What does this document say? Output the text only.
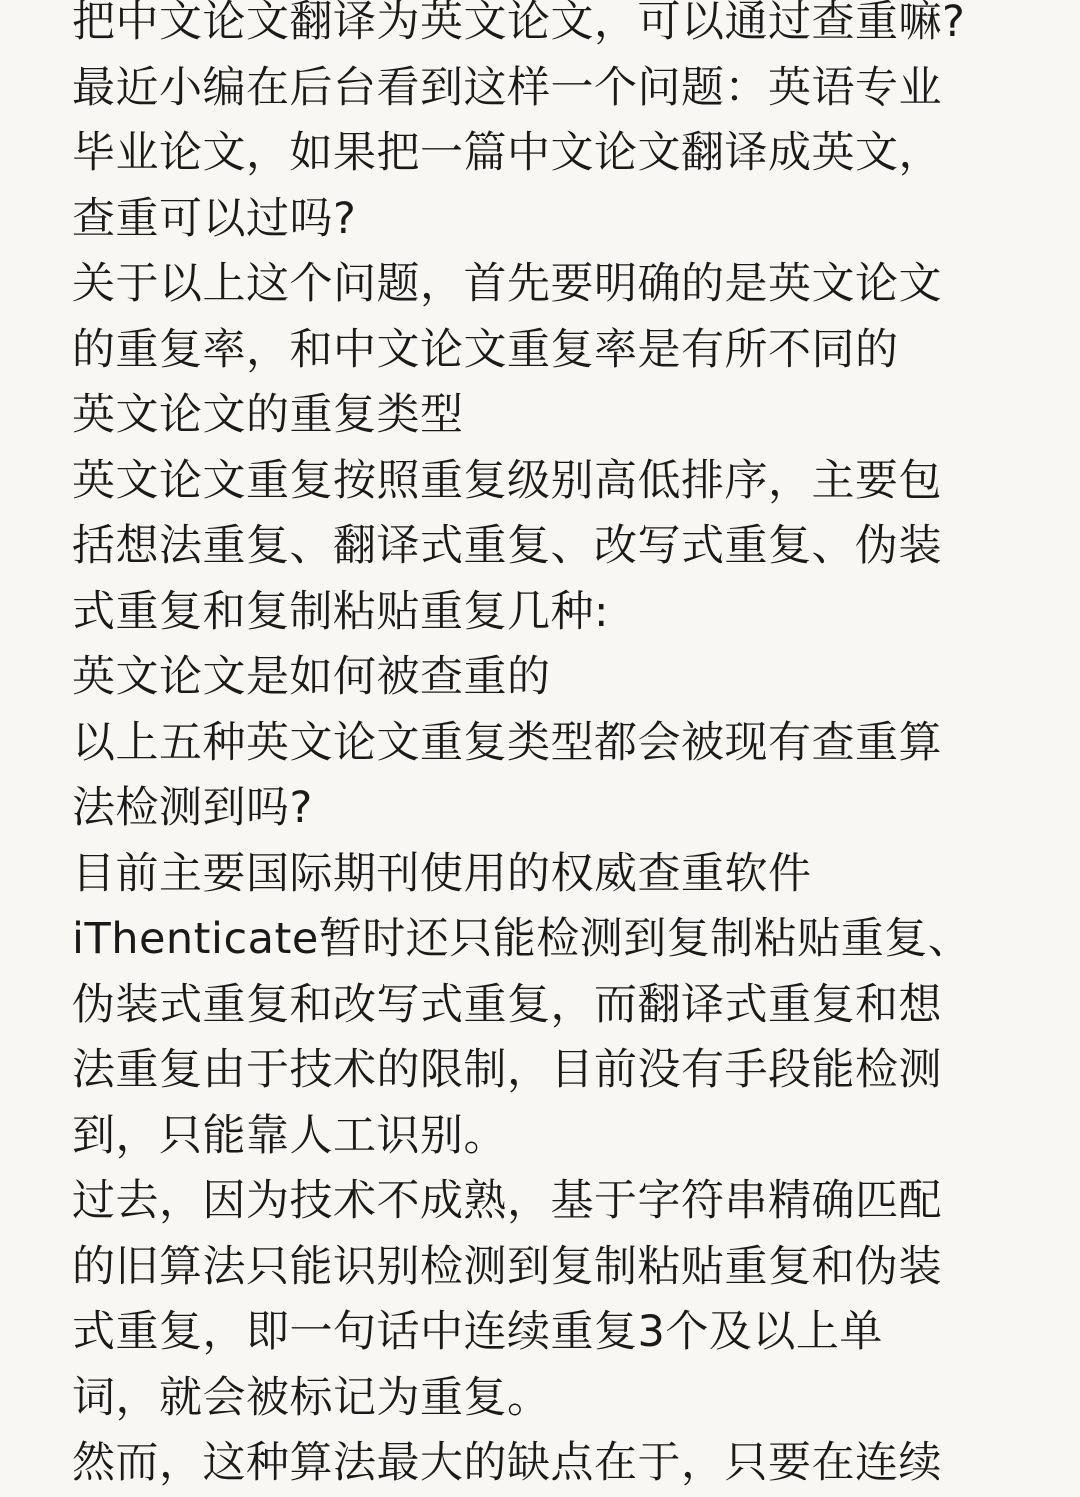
把中文论文翻译为英文论文，可以通过查重嘛?
最近小编在后台看到这样一个问题：英语专业
毕业论文，如果把一篇中文论文翻译成英文，
查重可以过吗?
关于以上这个问题，首先要明确的是英文论文
的重复率，和中文论文重复率是有所不同的
英文论文的重复类型
英文论文重复按照重复级别高低排序，主要包
括想法重复、翻译式重复、改写式重复、伪装
式重复和复制粘贴重复几种:
英文论文是如何被查重的
以上五种英文论文重复类型都会被现有查重算
法检测到吗?
目前主要国际期刊使用的权威查重软件
iThenticate暂时还只能检测到复制粘贴重复、
伪装式重复和改写式重复，而翻译式重复和想
法重复由于技术的限制，目前没有手段能检测
到，只能靠人工识别。
过去，因为技术不成熟，基于字符串精确匹配
的旧算法只能识别检测到复制粘贴重复和伪装
式重复，即一句话中连续重复3个及以上单
词，就会被标记为重复。
然而，这种算法最大的缺点在于，只要在连续
